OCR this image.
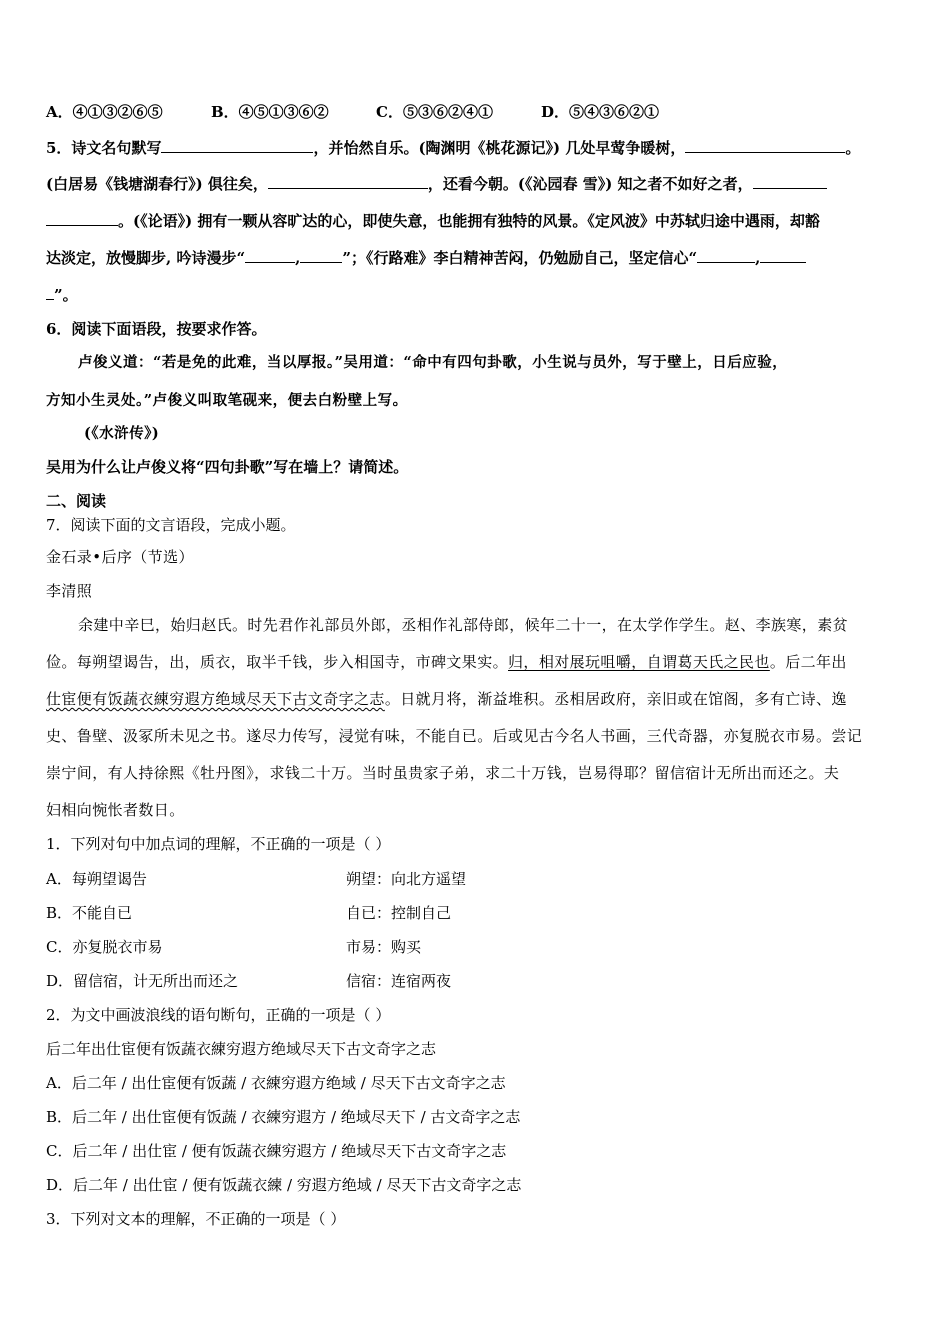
A．④①③②⑥⑤	B．④⑤①③⑥②	C．⑤③⑥②④①	D．⑤④③⑥②①
5．诗文名句默写	，并怡然自乐。(陶渊明《桃花源记》) 几处早莺争暖树，	。
(白居易《钱塘湖春行》) 俱往矣，	，还看今朝。(《沁园春 雪》) 知之者不如好之者，
。(《论语》) 拥有一颗从容旷达的心，即使失意，也能拥有独特的风景。《定风波》中苏轼归途中遇雨，却豁
达淡定，放慢脚步, 吟诗漫步“	,	”；《行路难》李白精神苦闷，仍勉励自己，坚定信心“	,
”。
6．阅读下面语段，按要求作答。
卢俊义道：“若是免的此难，当以厚报。”吴用道：“命中有四句卦歌，小生说与员外，写于壁上，日后应验，
方知小生灵处。”卢俊义叫取笔砚来，便去白粉壁上写。
(《水浒传》)
吴用为什么让卢俊义将“四句卦歌”写在墙上？请简述。
二、阅读
7．阅读下面的文言语段，完成小题。
金石录•后序（节选）
李清照
余建中辛巳，始归赵氏。时先君作礼部员外郎，丞相作礼部侍郎，候年二十一，在太学作学生。赵、李族寒，素贫
俭。每朔望谒告，出，质衣，取半千钱，步入相国寺，市碑文果实。归，相对展玩咀嚼，自谓葛天氏之民也。后二年出
仕宦便有饭蔬衣練穷遐方绝域尽天下古文奇字之志。日就月将，渐益堆积。丞相居政府，亲旧或在馆阁，多有亡诗、逸
史、鲁壁、汲冢所未见之书。遂尽力传写，浸觉有味，不能自已。后或见古今名人书画，三代奇器，亦复脱衣市易。尝记
崇宁间，有人持徐熙《牡丹图》，求钱二十万。当时虽贵家子弟，求二十万钱，岂易得耶？留信宿计无所出而还之。夫
妇相向惋怅者数日。
1．下列对句中加点词的理解，不正确的一项是（ ）
A．每朔望谒告	朔望：向北方遥望
B．不能自已	自已：控制自己
C．亦复脱衣市易	市易：购买
D．留信宿，计无所出而还之	信宿：连宿两夜
2．为文中画波浪线的语句断句，正确的一项是（ ）
后二年出仕宦便有饭蔬衣練穷遐方绝域尽天下古文奇字之志
A．后二年 / 出仕宦便有饭蔬 / 衣練穷遐方绝域 / 尽天下古文奇字之志
B．后二年 / 出仕宦便有饭蔬 / 衣練穷遐方 / 绝域尽天下 / 古文奇字之志
C．后二年 / 出仕宦 / 便有饭蔬衣練穷遐方 / 绝域尽天下古文奇字之志
D．后二年 / 出仕宦 / 便有饭蔬衣練 / 穷遐方绝域 / 尽天下古文奇字之志
3．下列对文本的理解，不正确的一项是（ ）
